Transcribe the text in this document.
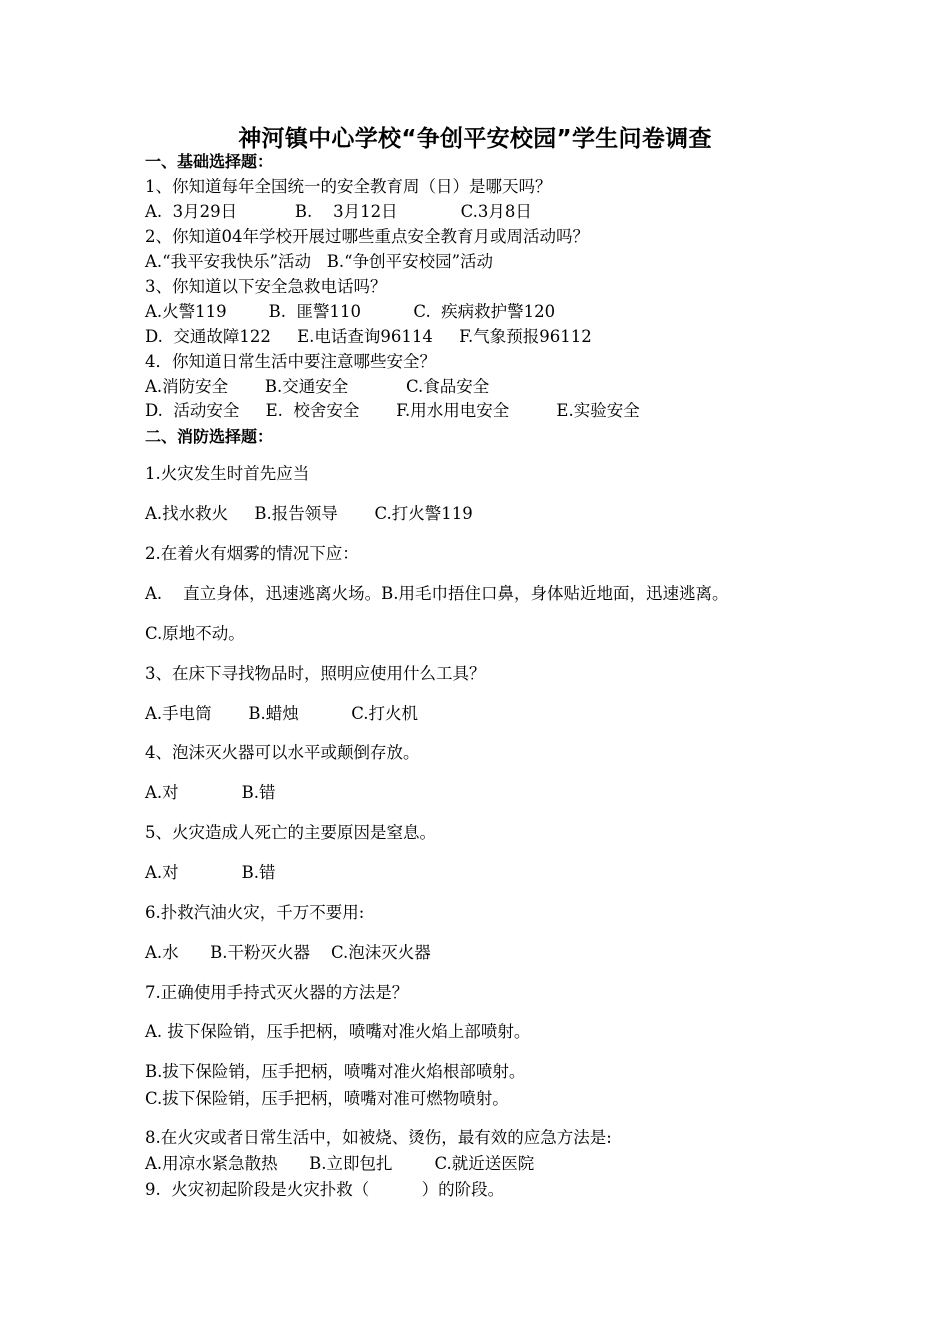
神河镇中心学校“争创平安校园”学生问卷调查
一、基础选择题：
1、你知道每年全国统一的安全教育周（日）是哪天吗？
A.  3月29日           B.    3月12日            C.3月8日
2、你知道04年学校开展过哪些重点安全教育月或周活动吗？
A.“我平安我快乐”活动   B.“争创平安校园”活动
3、你知道以下安全急救电话吗？
A.火警119        B.  匪警110          C.  疾病救护警120
D.  交通故障122     E.电话查询96114     F.气象预报96112
4．你知道日常生活中要注意哪些安全？
A.消防安全       B.交通安全           C.食品安全
D.  活动安全     E.  校舍安全       F.用水用电安全         E.实验安全
二、消防选择题：
1.火灾发生时首先应当
A.找水救火     B.报告领导       C.打火警119
2.在着火有烟雾的情况下应：
A.    直立身体，迅速逃离火场。B.用毛巾捂住口鼻，身体贴近地面，迅速逃离。
C.原地不动。
3、在床下寻找物品时，照明应使用什么工具？
A.手电筒       B.蜡烛          C.打火机
4、泡沫灭火器可以水平或颠倒存放。
A.对            B.错
5、火灾造成人死亡的主要原因是窒息。
A.对            B.错
6.扑救汽油火灾，千万不要用:
A.水      B.干粉灭火器    C.泡沫灭火器
7.正确使用手持式灭火器的方法是？
A. 拔下保险销，压手把柄，喷嘴对准火焰上部喷射。
B.拔下保险销，压手把柄，喷嘴对准火焰根部喷射。
C.拔下保险销，压手把柄，喷嘴对准可燃物喷射。
8.在火灾或者日常生活中，如被烧、烫伤，最有效的应急方法是:
A.用凉水紧急散热      B.立即包扎        C.就近送医院
9.  火灾初起阶段是火灾扑救（          ）的阶段。
